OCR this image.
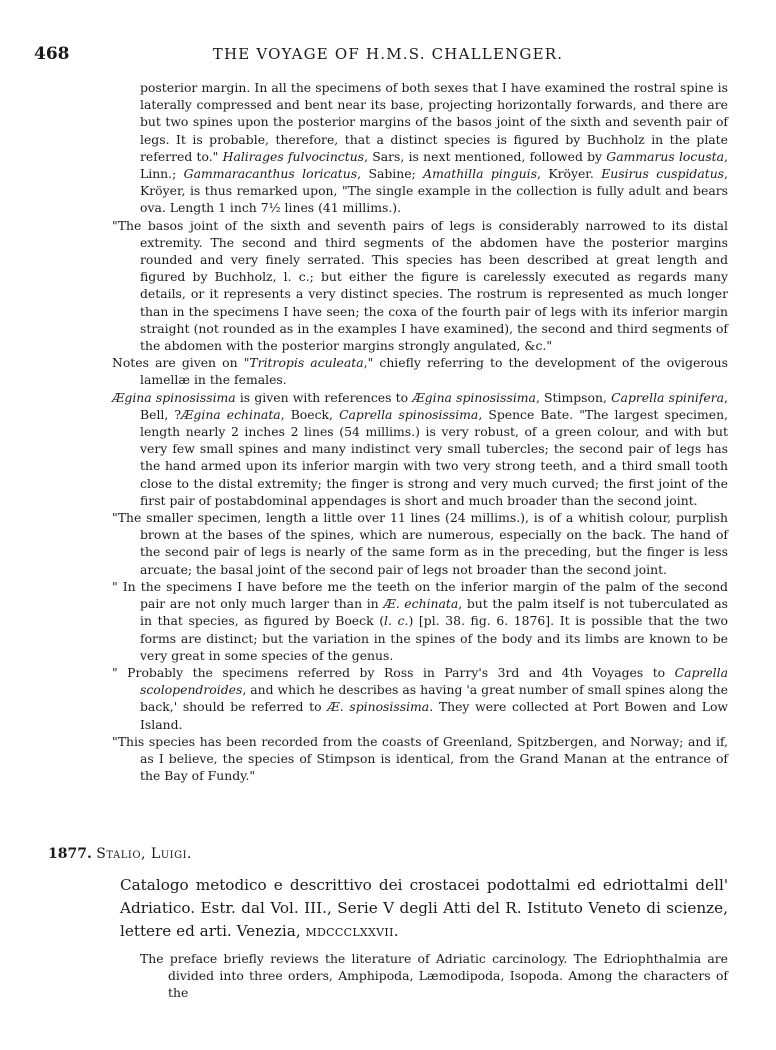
468	THE VOYAGE OF H.M.S. CHALLENGER.

posterior margin. In all the specimens of both sexes that I have examined the rostral spine is laterally compressed and bent near its base, projecting horizontally forwards, and there are but two spines upon the posterior margins of the basos joint of the sixth and seventh pair of legs. It is probable, therefore, that a distinct species is figured by Buchholz in the plate referred to." Halirages fulvocinctus, Sars, is next mentioned, followed by Gammarus locusta, Linn.; Gammaracanthus loricatus, Sabine; Amathilla pinguis, Kröyer. Eusirus cuspidatus, Kröyer, is thus remarked upon, "The single example in the collection is fully adult and bears ova. Length 1 inch 7½ lines (41 millims.).

"The basos joint of the sixth and seventh pairs of legs is considerably narrowed to its distal extremity. The second and third segments of the abdomen have the posterior margins rounded and very finely serrated. This species has been described at great length and figured by Buchholz, l. c.; but either the figure is carelessly executed as regards many details, or it represents a very distinct species. The rostrum is represented as much longer than in the specimens I have seen; the coxa of the fourth pair of legs with its inferior margin straight (not rounded as in the examples I have examined), the second and third segments of the abdomen with the posterior margins strongly angulated, &c."

Notes are given on "Tritropis aculeata," chiefly referring to the development of the ovigerous lamellæ in the females.

Ægina spinosissima is given with references to Ægina spinosissima, Stimpson, Caprella spinifera, Bell, ?Ægina echinata, Boeck, Caprella spinosissima, Spence Bate. "The largest specimen, length nearly 2 inches 2 lines (54 millims.) is very robust, of a green colour, and with but very few small spines and many indistinct very small tubercles; the second pair of legs has the hand armed upon its inferior margin with two very strong teeth, and a third small tooth close to the distal extremity; the finger is strong and very much curved; the first joint of the first pair of postabdominal appendages is short and much broader than the second joint.

"The smaller specimen, length a little over 11 lines (24 millims.), is of a whitish colour, purplish brown at the bases of the spines, which are numerous, especially on the back. The hand of the second pair of legs is nearly of the same form as in the preceding, but the finger is less arcuate; the basal joint of the second pair of legs not broader than the second joint.

" In the specimens I have before me the teeth on the inferior margin of the palm of the second pair are not only much larger than in Æ. echinata, but the palm itself is not tuberculated as in that species, as figured by Boeck (l. c.) [pl. 38. fig. 6. 1876]. It is possible that the two forms are distinct; but the variation in the spines of the body and its limbs are known to be very great in some species of the genus.

" Probably the specimens referred by Ross in Parry's 3rd and 4th Voyages to Caprella scolopendroides, and which he describes as having 'a great number of small spines along the back,' should be referred to Æ. spinosissima. They were collected at Port Bowen and Low Island.

"This species has been recorded from the coasts of Greenland, Spitzbergen, and Norway; and if, as I believe, the species of Stimpson is identical, from the Grand Manan at the entrance of the Bay of Fundy."

1877. Stalio, Luigi.
Catalogo metodico e descrittivo dei crostacei podottalmi ed edriottalmi dell' Adriatico. Estr. dal Vol. III., Serie V degli Atti del R. Istituto Veneto di scienze, lettere ed arti. Venezia, mdccclxxvii.

The preface briefly reviews the literature of Adriatic carcinology. The Edriophthalmia are divided into three orders, Amphipoda, Læmodipoda, Isopoda. Among the characters of the
